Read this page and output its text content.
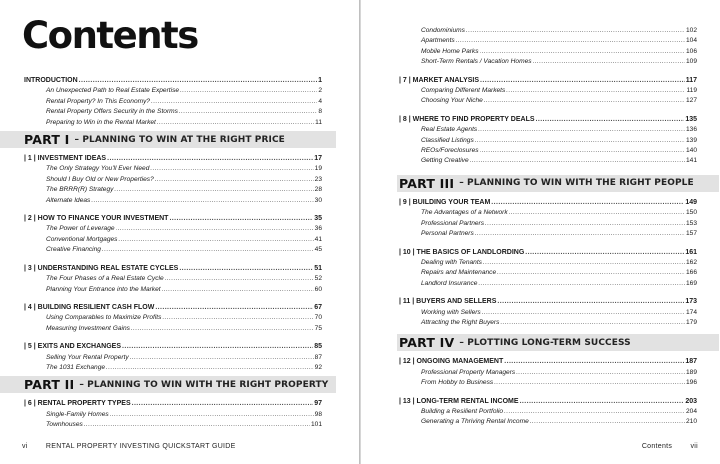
Contents
INTRODUCTION .....	1
An Unexpected Path to Real Estate Expertise .....	2
Rental Property? In This Economy? .....	4
Rental Property Offers Security in the Storms .....	8
Preparing to Win in the Rental Market .....	11
PART I – PLANNING TO WIN AT THE RIGHT PRICE
| 1 | INVESTMENT IDEAS .....	17
The Only Strategy You'll Ever Need .....	19
Should I Buy Old or New Properties? .....	23
The BRRR(R) Strategy .....	28
Alternate Ideas .....	30
| 2 | HOW TO FINANCE YOUR INVESTMENT .....	35
The Power of Leverage .....	36
Conventional Mortgages .....	41
Creative Financing .....	45
| 3 | UNDERSTANDING REAL ESTATE CYCLES .....	51
The Four Phases of a Real Estate Cycle .....	52
Planning Your Entrance into the Market .....	60
| 4 | BUILDING RESILIENT CASH FLOW .....	67
Using Comparables to Maximize Profits .....	70
Measuring Investment Gains .....	75
| 5 | EXITS AND EXCHANGES .....	85
Selling Your Rental Property .....	87
The 1031 Exchange .....	92
PART II – PLANNING TO WIN WITH THE RIGHT PROPERTY
| 6 | RENTAL PROPERTY TYPES .....	97
Single-Family Homes .....	98
Townhouses .....	101
vi	RENTAL PROPERTY INVESTING QUICKSTART GUIDE
Condominiums .....	102
Apartments .....	104
Mobile Home Parks .....	106
Short-Term Rentals / Vacation Homes .....	109
| 7 | MARKET ANALYSIS .....	117
Comparing Different Markets .....	119
Choosing Your Niche .....	127
| 8 | WHERE TO FIND PROPERTY DEALS .....	135
Real Estate Agents .....	136
Classified Listings .....	139
REOs/Foreclosures .....	140
Getting Creative .....	141
PART III – PLANNING TO WIN WITH THE RIGHT PEOPLE
| 9 | BUILDING YOUR TEAM .....	149
The Advantages of a Network .....	150
Professional Partners .....	153
Personal Partners .....	157
| 10 | THE BASICS OF LANDLORDING .....	161
Dealing with Tenants .....	162
Repairs and Maintenance .....	166
Landlord Insurance .....	169
| 11 | BUYERS AND SELLERS .....	173
Working with Sellers .....	174
Attracting the Right Buyers .....	179
PART IV – PLOTTING LONG-TERM SUCCESS
| 12 | ONGOING MANAGEMENT .....	187
Professional Property Managers .....	189
From Hobby to Business .....	196
| 13 | LONG-TERM RENTAL INCOME .....	203
Building a Resilient Portfolio .....	204
Generating a Thriving Rental Income .....	210
Contents	vii
